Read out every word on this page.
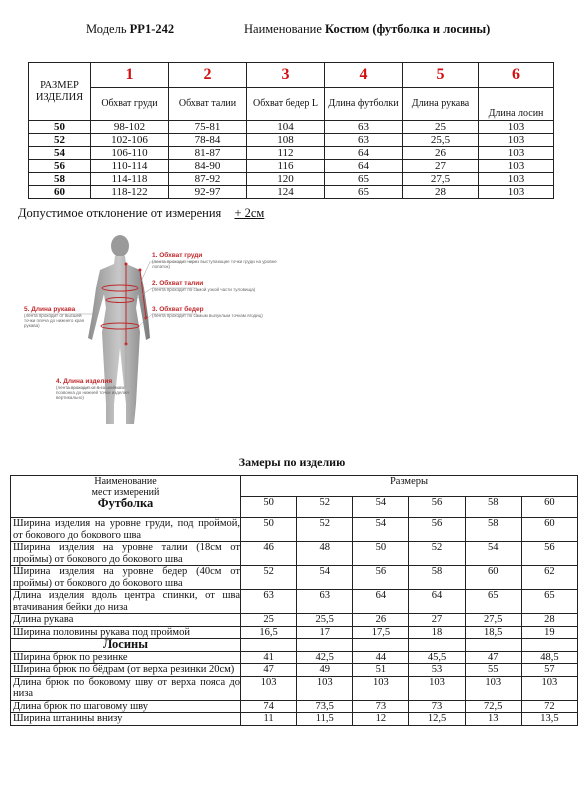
Модель PP1-242	Наименование Костюм (футболка и лосины)
РАЗМЕР
ИЗДЕЛИЯ	1	2	3	4	5	6
	Обхват груди	Обхват талии	Обхват бедер L	Длина футболки	Длина рукава	Длина лосин
50	98-102	75-81	104	63	25	103
52	102-106	78-84	108	63	25,5	103
54	106-110	81-87	112	64	26	103
56	110-114	84-90	116	64	27	103
58	114-118	87-92	120	65	27,5	103
60	118-122	92-97	124	65	28	103
Допустимое отклонение от измерения + 2см
1. Обхват груди
(лента проходит через выступающие точки груди на уровне лопаток)
2. Обхват талии
(лента проходит по самой узкой части туловища)
3. Обхват бедер
(лента проходит по самым выпуклым точкам ягодиц)
4. Длина изделия
(лента проходит от 6-го шейного позвонка до нижней точки изделия вертикально)
5. Длина рукава
(лента проходит от высшей точки плеча до нижнего края рукава)
Замеры по изделию
Наименование
мест измерений
Футболка	Размеры					
	50	52	54	56	58	60
Ширина изделия на уровне груди, под проймой, от бокового до бокового шва	50	52	54	56	58	60
Ширина изделия на уровне талии (18см от проймы) от бокового до бокового шва	46	48	50	52	54	56
Ширина изделия на уровне бедер (40см от проймы) от бокового до бокового шва	52	54	56	58	60	62
Длина изделия вдоль центра спинки, от шва втачивания бейки до низа	63	63	64	64	65	65
Длина рукава	25	25,5	26	27	27,5	28
Ширина половины рукава под проймой	16,5	17	17,5	18	18,5	19
Лосины						
Ширина брюк по резинке	41	42,5	44	45,5	47	48,5
Ширина брюк по бёдрам (от верха резинки 20см)	47	49	51	53	55	57
Длина брюк по боковому шву от верха пояса до низа	103	103	103	103	103	103
Длина брюк по шаговому шву	74	73,5	73	73	72,5	72
Ширина штанины внизу	11	11,5	12	12,5	13	13,5
